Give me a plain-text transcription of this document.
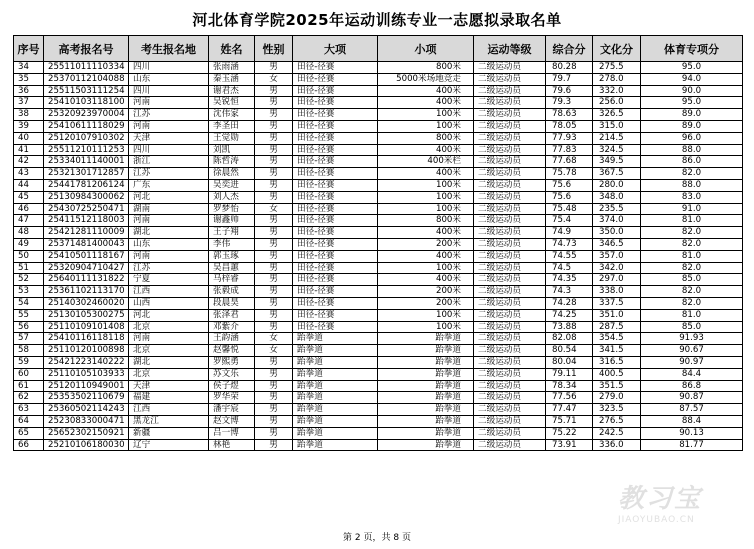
河北体育学院2025年运动训练专业一志愿拟录取名单
序号	高考报名号	考生报名地	姓名	性别	大项	小项	运动等级	综合分	文化分	体育专项分
34	25511011110334	四川	张雨涵	男	田径-径赛	800米	二级运动员	80.28	275.5	95.0
35	25370112104088	山东	秦玉涵	女	田径-径赛	5000米场地竞走	二级运动员	79.7	278.0	94.0
36	25511503111254	四川	谢君杰	男	田径-径赛	400米	二级运动员	79.6	332.0	90.0
37	25410103118100	河南	吴锐恒	男	田径-径赛	400米	二级运动员	79.3	256.0	95.0
38	25320923970004	江苏	沈伟家	男	田径-径赛	100米	二级运动员	78.63	326.5	89.0
39	25410611118029	河南	李圣田	男	田径-径赛	100米	二级运动员	78.05	315.0	89.0
40	25120107910302	天津	王觉勋	男	田径-径赛	800米	二级运动员	77.93	214.5	96.0
41	25511210111253	四川	刘凯	男	田径-径赛	400米	二级运动员	77.83	324.5	88.0
42	25334011140001	浙江	陈哲涛	男	田径-径赛	400米栏	二级运动员	77.68	349.5	86.0
43	25321301712857	江苏	徐晨然	男	田径-径赛	400米	二级运动员	75.78	367.5	82.0
44	25441781206124	广东	吴奕进	男	田径-径赛	100米	二级运动员	75.6	280.0	88.0
45	25130984300062	河北	刘人杰	男	田径-径赛	100米	二级运动员	75.6	348.0	83.0
46	25430725250471	湖南	罗梦怡	女	田径-径赛	100米	二级运动员	75.48	235.5	91.0
47	25411512118003	河南	谢鑫帅	男	田径-径赛	800米	二级运动员	75.4	374.0	81.0
48	25421281110009	湖北	王子翔	男	田径-径赛	400米	二级运动员	74.9	350.0	82.0
49	25371481400043	山东	李伟	男	田径-径赛	200米	二级运动员	74.73	346.5	82.0
50	25410501118167	河南	郭玉琢	男	田径-径赛	400米	二级运动员	74.55	357.0	81.0
51	25320904710427	江苏	吴昌蕙	男	田径-径赛	100米	二级运动员	74.5	342.0	82.0
52	25640111131822	宁夏	马梓睿	男	田径-径赛	400米	二级运动员	74.35	297.0	85.0
53	25361102113170	江西	张毅成	男	田径-径赛	200米	二级运动员	74.3	338.0	82.0
54	25140302460020	山西	段晨昊	男	田径-径赛	200米	二级运动员	74.28	337.5	82.0
55	25130105300275	河北	张泽君	男	田径-径赛	100米	二级运动员	74.25	351.0	81.0
56	25110109101408	北京	邓紫介	男	田径-径赛	100米	二级运动员	73.88	287.5	85.0
57	25410116118118	河南	王韵涵	女	跆拳道	跆拳道	二级运动员	82.08	354.5	91.93
58	25110120100898	北京	赵馨悦	女	跆拳道	跆拳道	二级运动员	80.54	341.5	90.67
59	25421223140222	湖北	罗熙勇	男	跆拳道	跆拳道	二级运动员	80.04	316.5	90.97
60	25110105103933	北京	苏文乐	男	跆拳道	跆拳道	二级运动员	79.11	400.5	84.4
61	25120110949001	天津	侯子煜	男	跆拳道	跆拳道	二级运动员	78.34	351.5	86.8
62	25353502110679	福建	罗华荣	男	跆拳道	跆拳道	二级运动员	77.56	279.0	90.87
63	25360502114243	江西	潘宇宸	男	跆拳道	跆拳道	二级运动员	77.47	323.5	87.57
64	25230833000471	黑龙江	赵文博	男	跆拳道	跆拳道	二级运动员	75.71	276.5	88.4
65	25652302150921	新疆	吕一博	男	跆拳道	跆拳道	二级运动员	75.22	242.5	90.13
66	25210106180030	辽宁	林艳	男	跆拳道	跆拳道	二级运动员	73.91	336.0	81.77
第 2 页，共 8 页
教习宝
JIAOYUBAO.CN
